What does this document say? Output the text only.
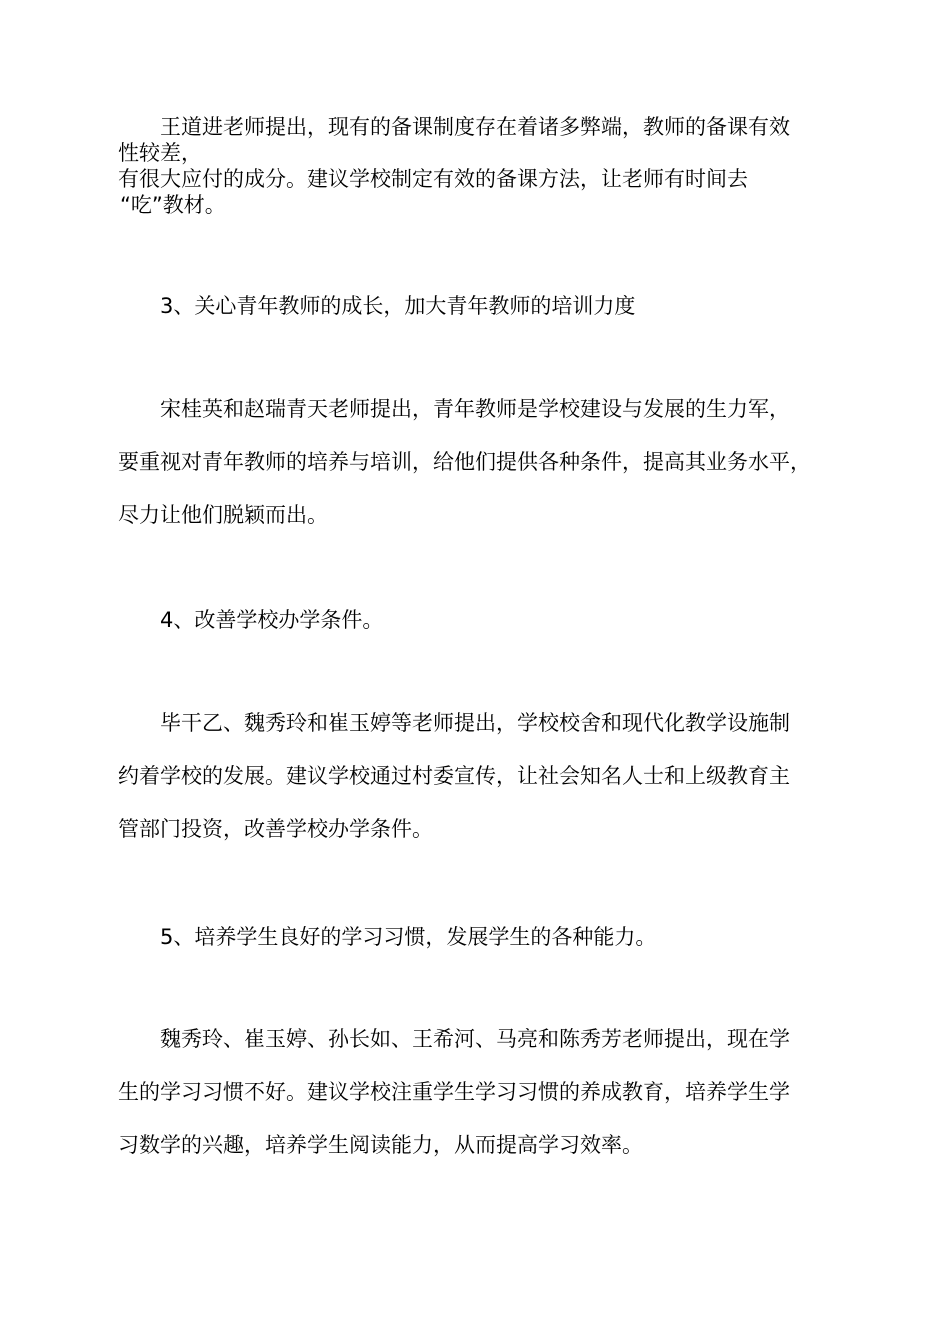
王道进老师提出，现有的备课制度存在着诸多弊端，教师的备课有效
性较差，
有很大应付的成分。建议学校制定有效的备课方法，让老师有时间去
“吃”教材。
3、关心青年教师的成长，加大青年教师的培训力度
宋桂英和赵瑞青天老师提出，青年教师是学校建设与发展的生力军，
要重视对青年教师的培养与培训，给他们提供各种条件，提高其业务水平，
尽力让他们脱颖而出。
4、改善学校办学条件。
毕干乙、魏秀玲和崔玉婷等老师提出，学校校舍和现代化教学设施制
约着学校的发展。建议学校通过村委宣传，让社会知名人士和上级教育主
管部门投资，改善学校办学条件。
5、培养学生良好的学习习惯，发展学生的各种能力。
魏秀玲、崔玉婷、孙长如、王希河、马亮和陈秀芳老师提出，现在学
生的学习习惯不好。建议学校注重学生学习习惯的养成教育，培养学生学
习数学的兴趣，培养学生阅读能力，从而提高学习效率。
